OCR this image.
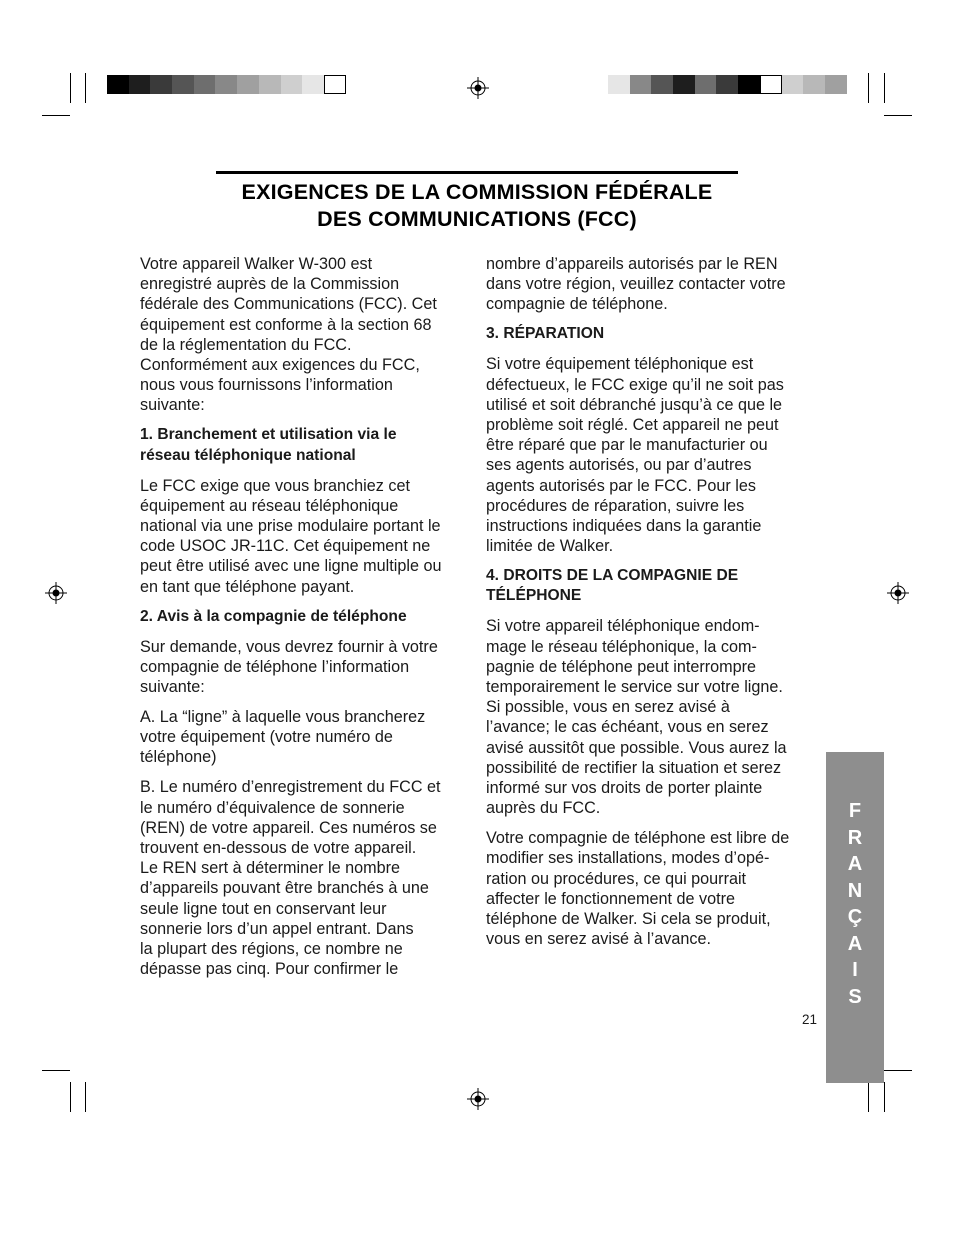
EXIGENCES DE LA COMMISSION FÉDÉRALE
DES COMMUNICATIONS (FCC)

Votre appareil Walker W-300 est
enregistré auprès de la Commission
fédérale des Communications (FCC). Cet
équipement est conforme à la section 68
de la réglementation du FCC.
Conformément aux exigences du FCC,
nous vous fournissons l’information
suivante:

1. Branchement et utilisation via le
réseau téléphonique national

Le FCC exige que vous branchiez cet
équipement au réseau téléphonique
national via une prise modulaire portant le
code USOC JR-11C. Cet équipement ne
peut être utilisé avec une ligne multiple ou
en tant que téléphone payant.

2. Avis à la compagnie de téléphone

Sur demande, vous devrez fournir à votre
compagnie de téléphone l’information
suivante:

A. La “ligne” à laquelle vous brancherez
votre équipement (votre numéro de
téléphone)

B. Le numéro d’enregistrement du FCC et
le numéro d’équivalence de sonnerie
(REN) de votre appareil. Ces numéros se
trouvent en-dessous de votre appareil.
Le REN sert à déterminer le nombre
d’appareils pouvant être branchés à une
seule ligne tout en conservant leur
sonnerie lors d’un appel entrant. Dans
la plupart des régions, ce nombre ne
dépasse pas cinq. Pour confirmer le

nombre d’appareils autorisés par le REN
dans votre région, veuillez contacter votre
compagnie de téléphone.

3. RÉPARATION

Si votre équipement téléphonique est
défectueux, le FCC exige qu’il ne soit pas
utilisé et soit débranché jusqu’à ce que le
problème soit réglé. Cet appareil ne peut
être réparé que par le manufacturier ou
ses agents autorisés, ou par d’autres
agents autorisés par le FCC. Pour les
procédures de réparation, suivre les
instructions indiquées dans la garantie
limitée de Walker.

4. DROITS DE LA COMPAGNIE DE
TÉLÉPHONE

Si votre appareil téléphonique endom-
mage le réseau téléphonique, la com-
pagnie de téléphone peut interrompre
temporairement le service sur votre ligne.
Si possible, vous en serez avisé à
l’avance; le cas échéant, vous en serez
avisé aussitôt que possible. Vous aurez la
possibilité de rectifier la situation et serez
informé sur vos droits de porter plainte
auprès du FCC.

Votre compagnie de téléphone est libre de
modifier ses installations, modes d’opé-
ration ou procédures, ce qui pourrait
affecter le fonctionnement de votre
téléphone de Walker. Si cela se produit,
vous en serez avisé à l’avance.

F
R
A
N
Ç
A
I
S
21
